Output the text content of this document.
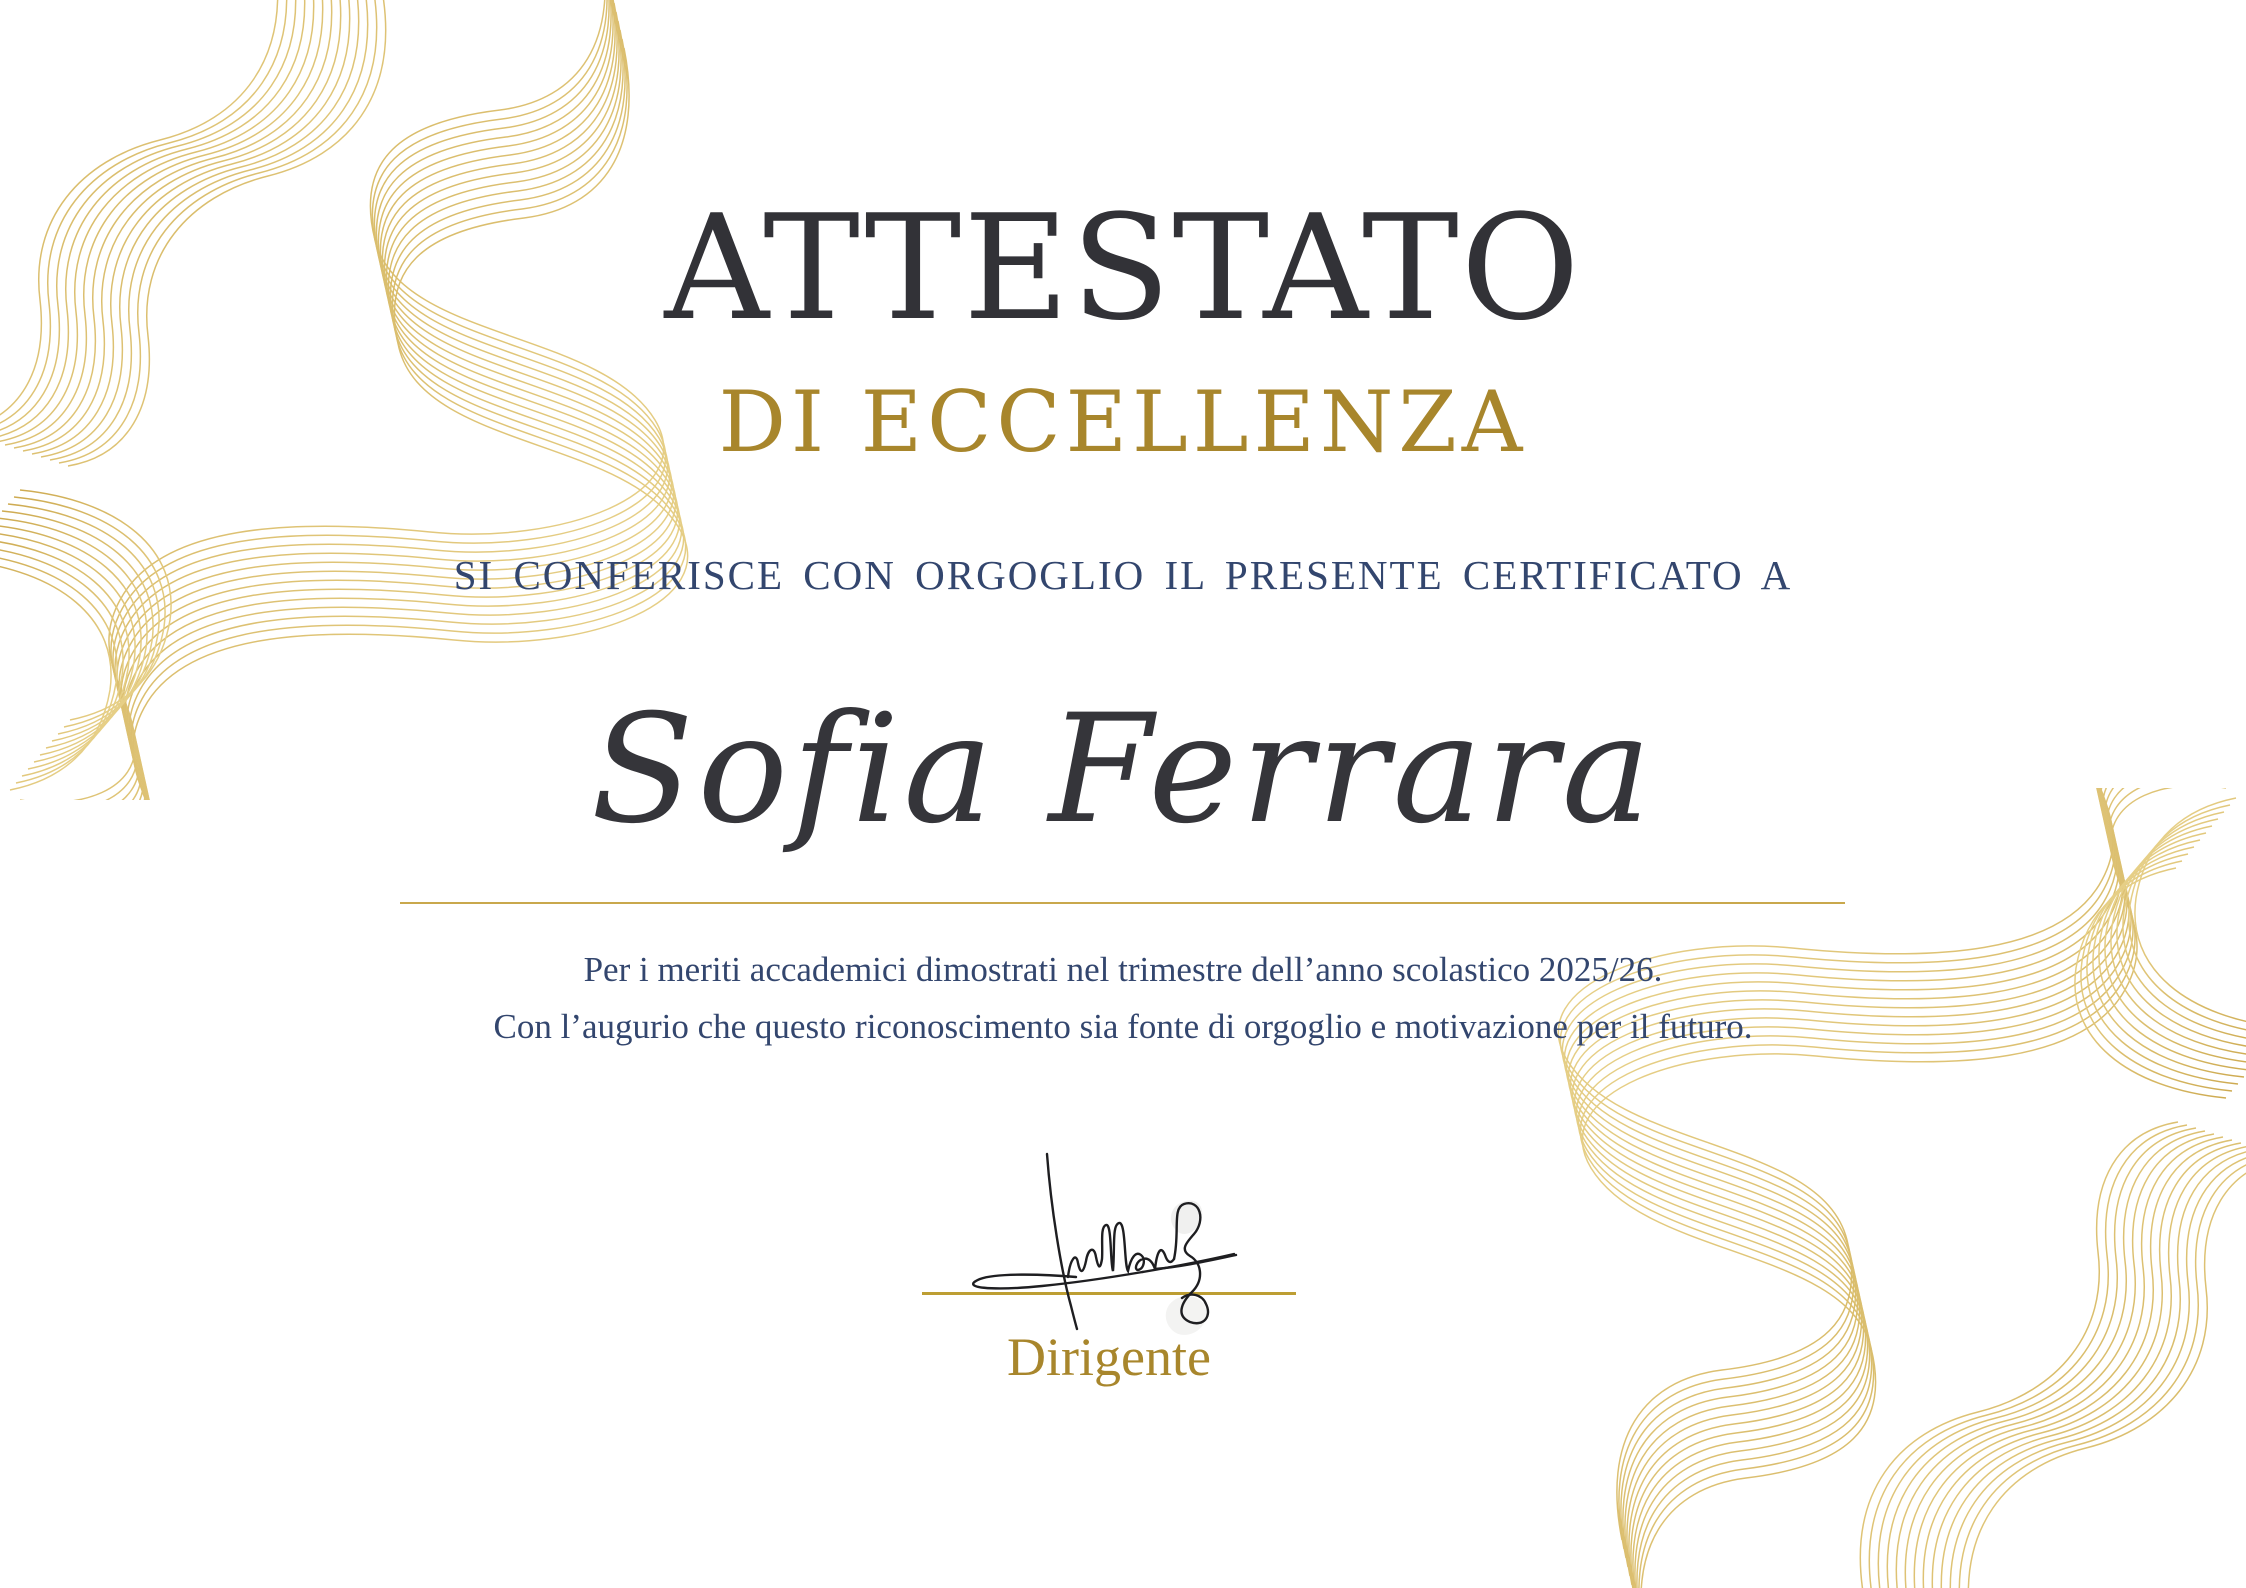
ATTESTATO
DI ECCELLENZA
SI CONFERISCE CON ORGOGLIO IL PRESENTE CERTIFICATO A
Sofia Ferrara
Per i meriti accademici dimostrati nel trimestre dell’anno scolastico 2025/26.
Con l’augurio che questo riconoscimento sia fonte di orgoglio e motivazione per il futuro.
Dirigente
